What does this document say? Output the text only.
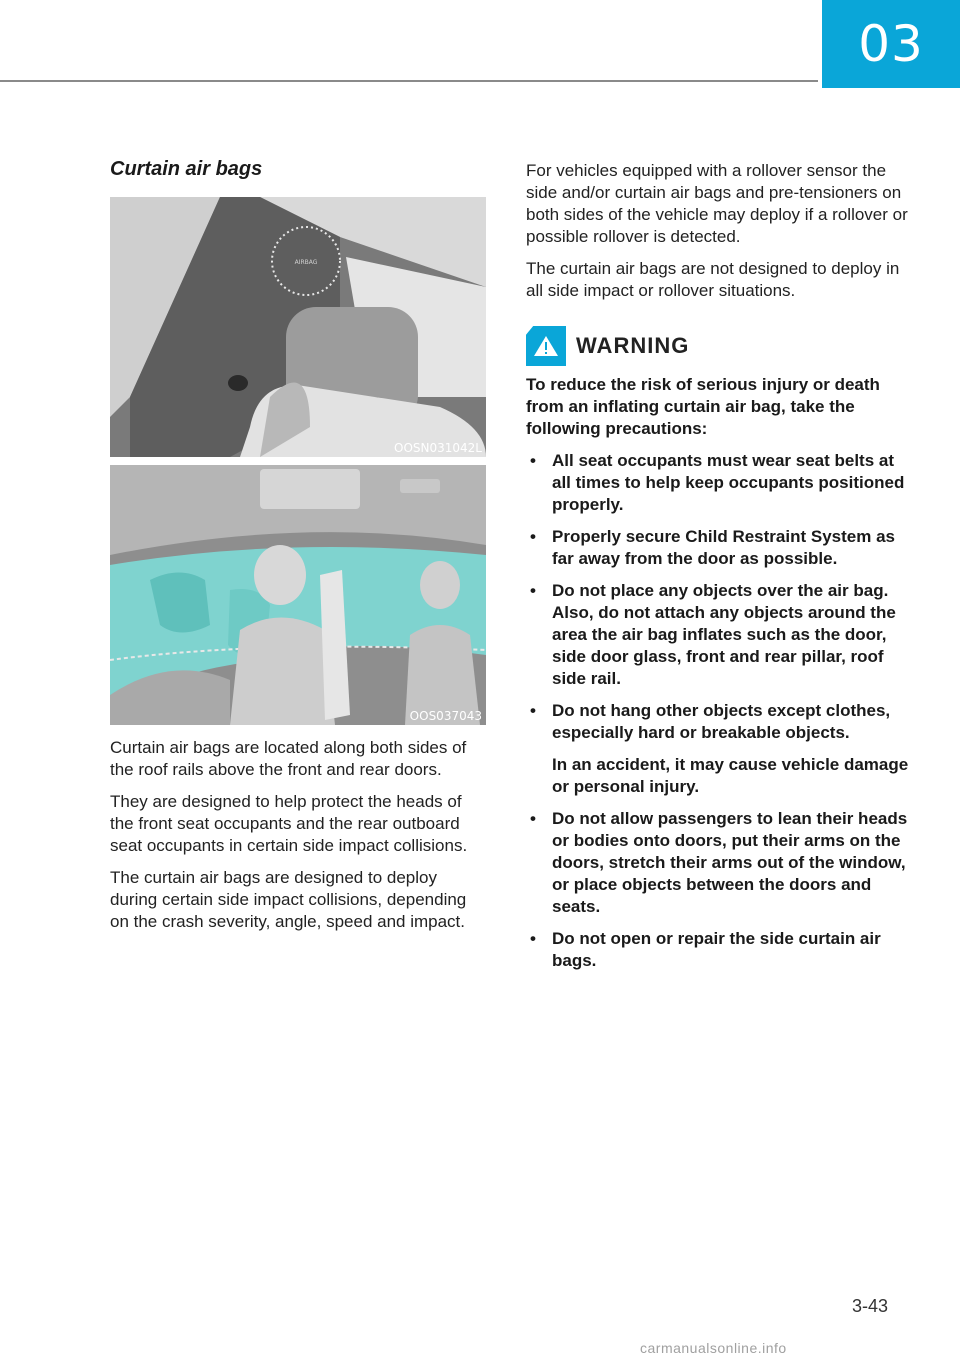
03
Curtain air bags
AIRBAG
OOSN031042L
OOS037043

Curtain air bags are located along both sides of the roof rails above the front and rear doors.

They are designed to help protect the heads of the front seat occupants and the rear outboard seat occupants in certain side impact collisions.

The curtain air bags are designed to deploy during certain side impact collisions, depending on the crash severity, angle, speed and impact.

For vehicles equipped with a rollover sensor the side and/or curtain air bags and pre-tensioners on both sides of the vehicle may deploy if a rollover or possible rollover is detected.

The curtain air bags are not designed to deploy in all side impact or rollover situations.

WARNING

To reduce the risk of serious injury or death from an inflating curtain air bag, take the following precautions:

• All seat occupants must wear seat belts at all times to help keep occupants positioned properly.
• Properly secure Child Restraint System as far away from the door as possible.
• Do not place any objects over the air bag. Also, do not attach any objects around the area the air bag inflates such as the door, side door glass, front and rear pillar, roof side rail.
• Do not hang other objects except clothes, especially hard or breakable objects.
In an accident, it may cause vehicle damage or personal injury.
• Do not allow passengers to lean their heads or bodies onto doors, put their arms on the doors, stretch their arms out of the window, or place objects between the doors and seats.
• Do not open or repair the side curtain air bags.
3-43
carmanualsonline.info
